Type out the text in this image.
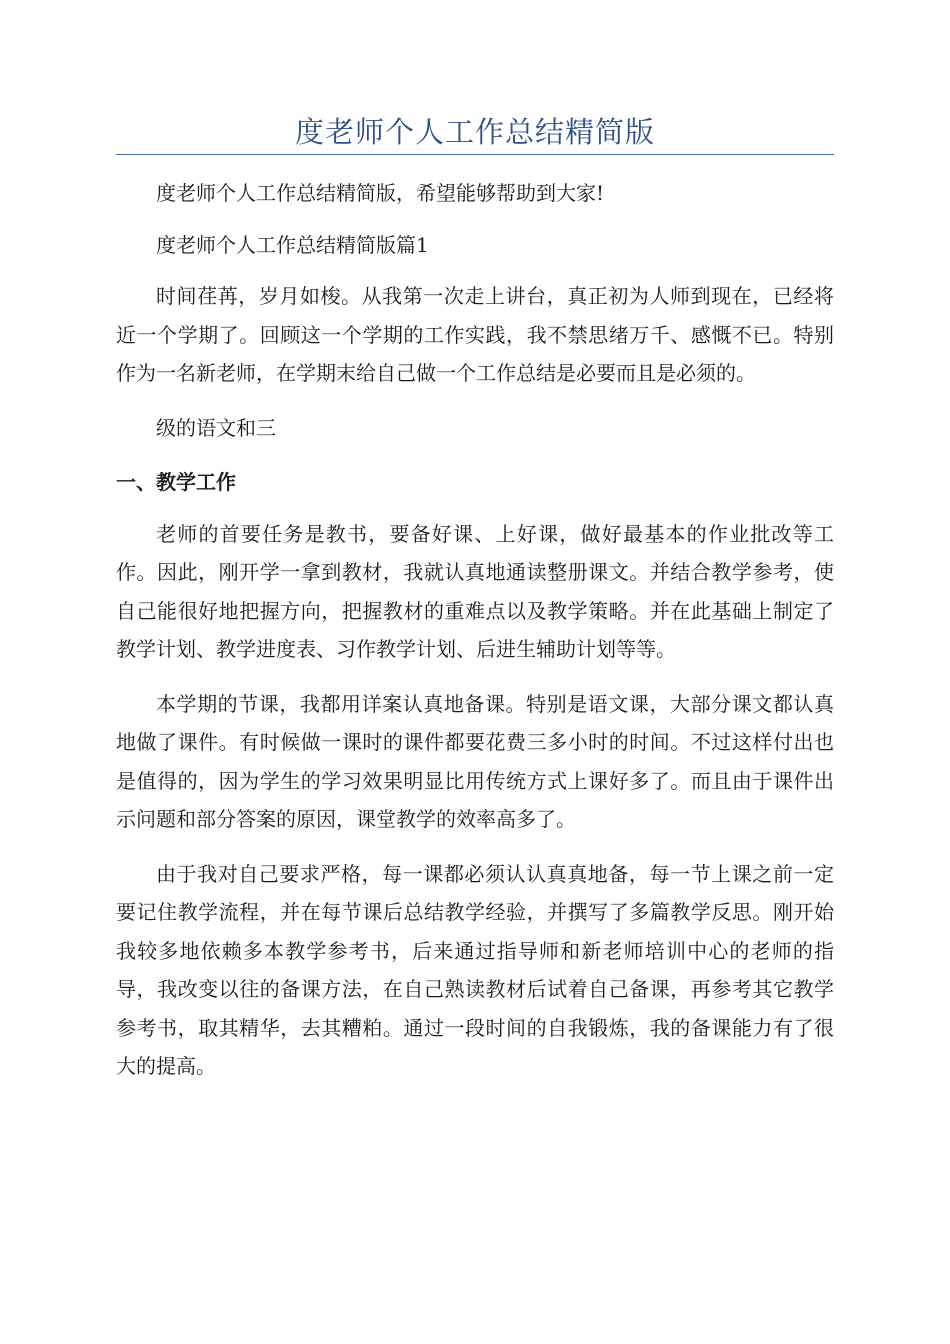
度老师个人工作总结精简版

度老师个人工作总结精简版，希望能够帮助到大家!

度老师个人工作总结精简版篇1

时间荏苒，岁月如梭。从我第一次走上讲台，真正初为人师到现在，已经将近一个学期了。回顾这一个学期的工作实践，我不禁思绪万千、感慨不已。特别作为一名新老师，在学期末给自己做一个工作总结是必要而且是必须的。

级的语文和三

一、教学工作

老师的首要任务是教书，要备好课、上好课，做好最基本的作业批改等工作。因此，刚开学一拿到教材，我就认真地通读整册课文。并结合教学参考，使自己能很好地把握方向，把握教材的重难点以及教学策略。并在此基础上制定了教学计划、教学进度表、习作教学计划、后进生辅助计划等等。

本学期的节课，我都用详案认真地备课。特别是语文课，大部分课文都认真地做了课件。有时候做一课时的课件都要花费三多小时的时间。不过这样付出也是值得的，因为学生的学习效果明显比用传统方式上课好多了。而且由于课件出示问题和部分答案的原因，课堂教学的效率高多了。

由于我对自己要求严格，每一课都必须认认真真地备，每一节上课之前一定要记住教学流程，并在每节课后总结教学经验，并撰写了多篇教学反思。刚开始我较多地依赖多本教学参考书，后来通过指导师和新老师培训中心的老师的指导，我改变以往的备课方法，在自己熟读教材后试着自己备课，再参考其它教学参考书，取其精华，去其糟粕。通过一段时间的自我锻炼，我的备课能力有了很大的提高。
